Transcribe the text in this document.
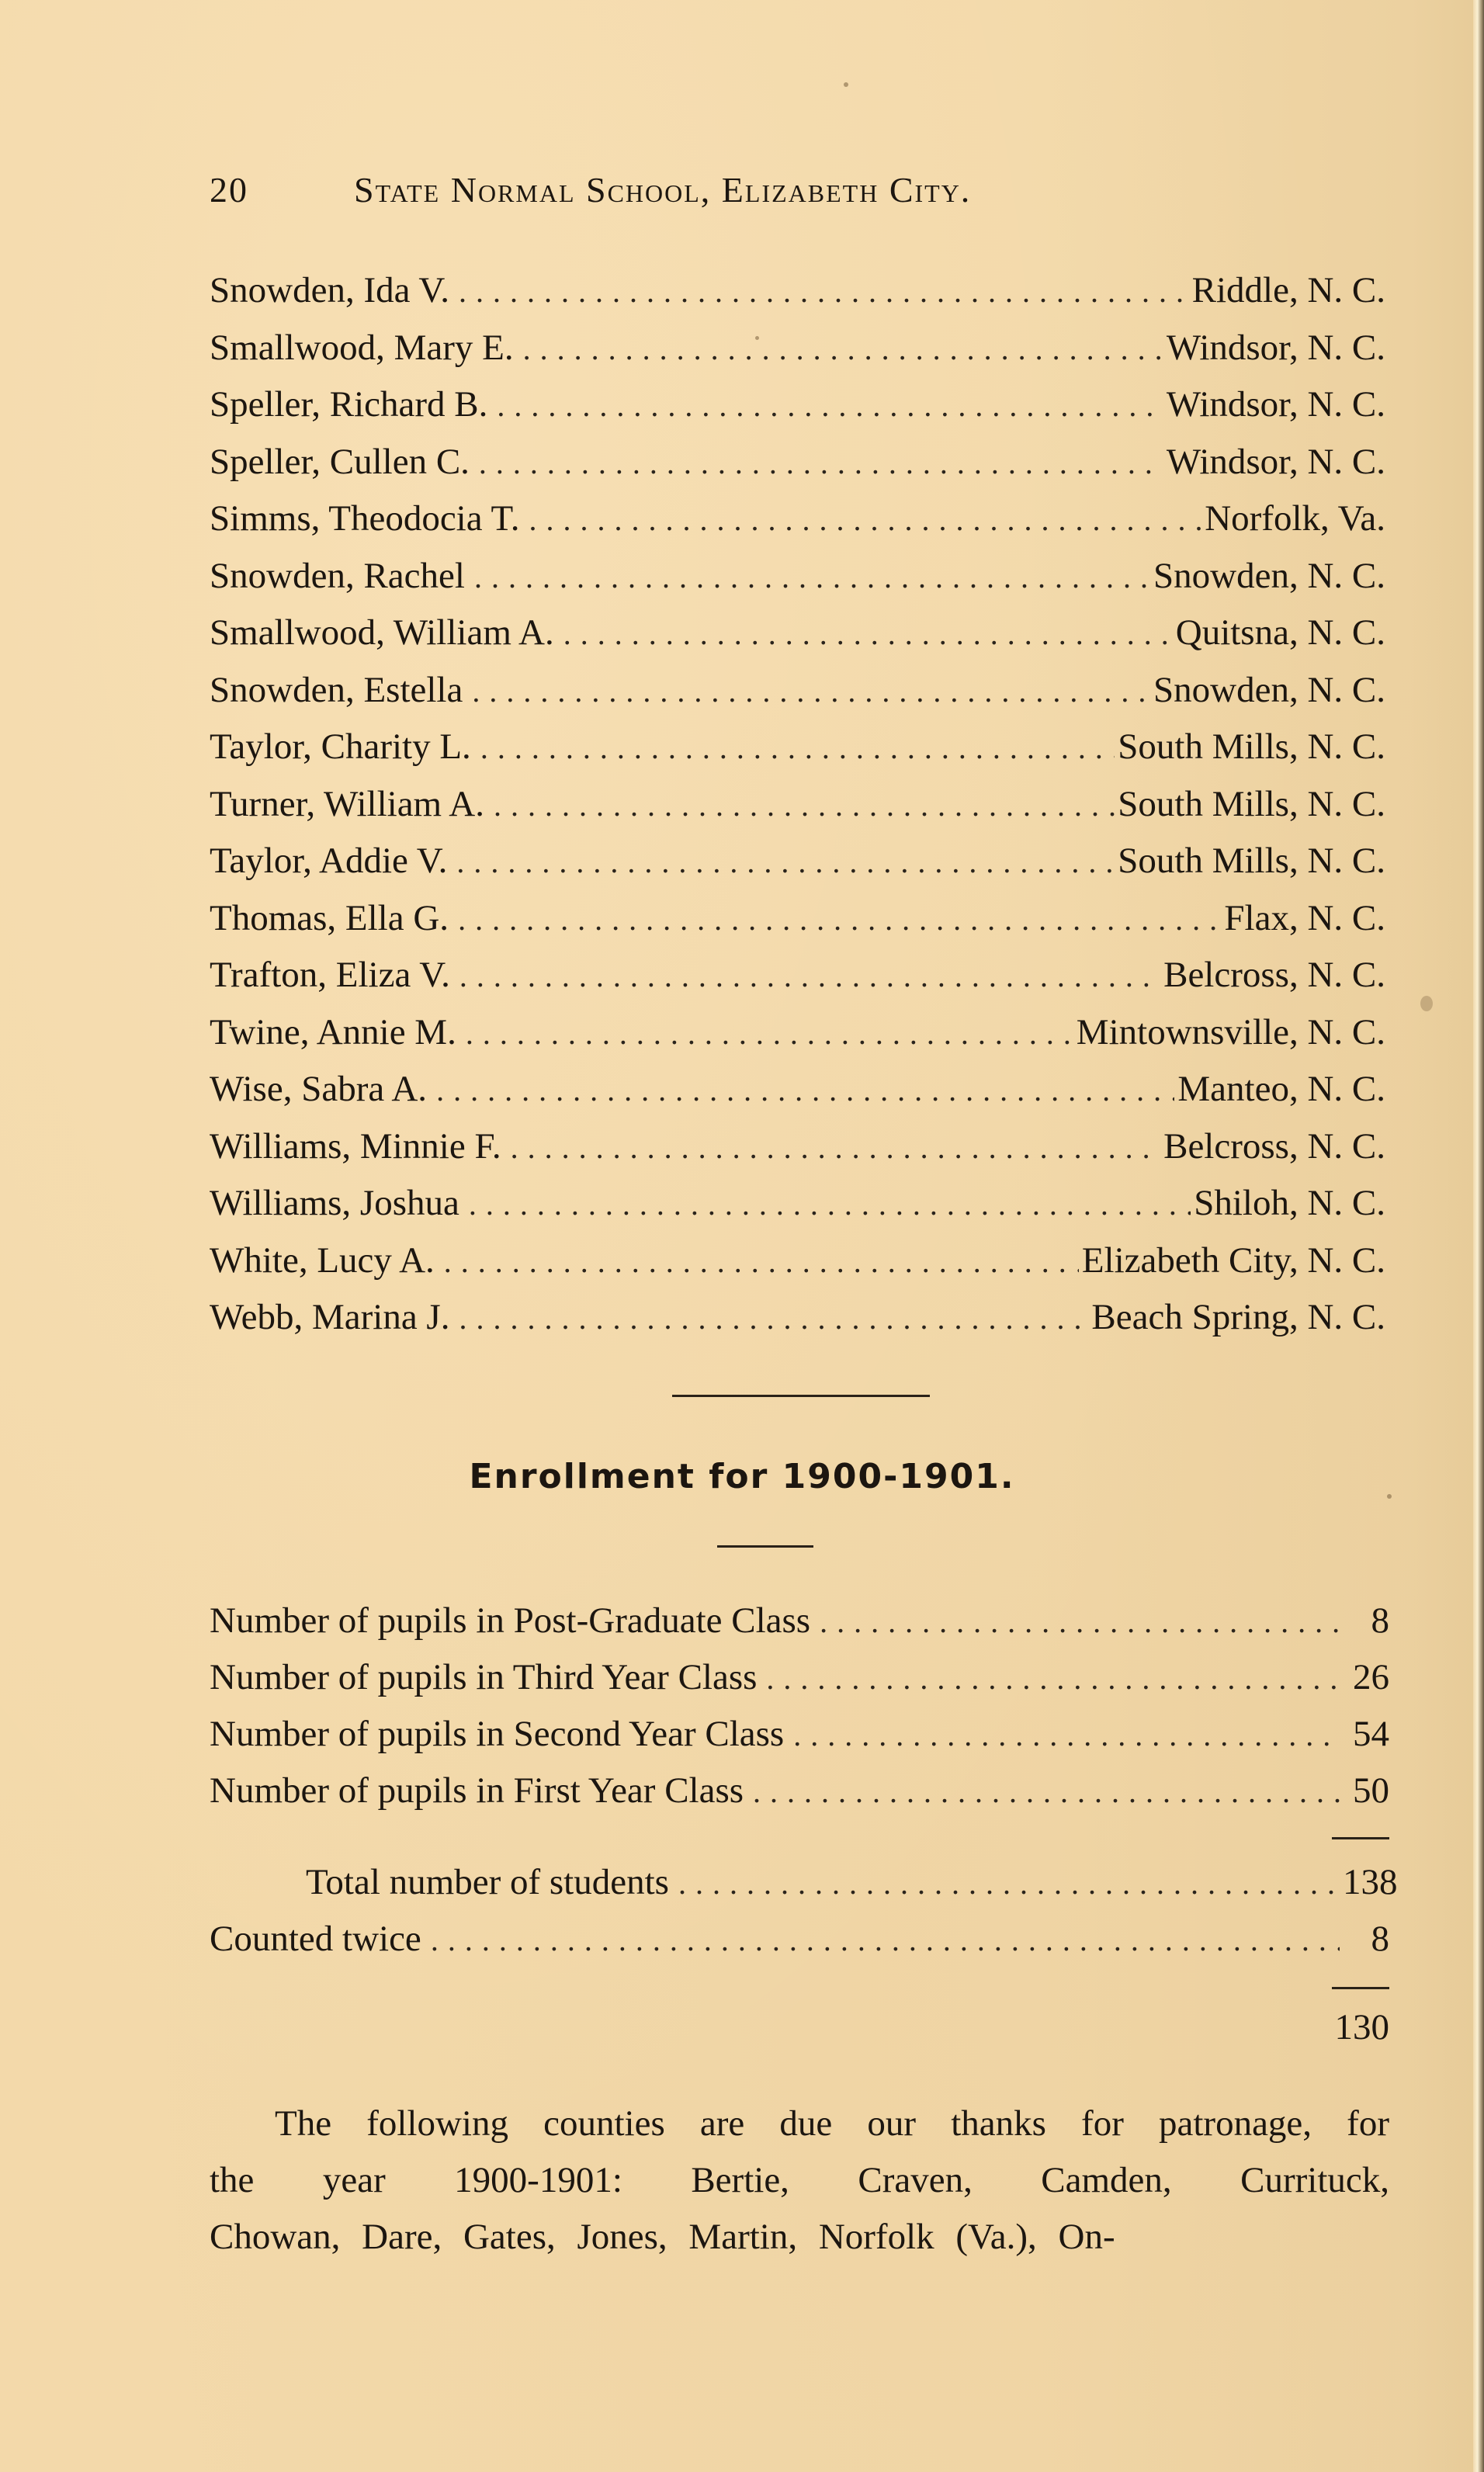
20	State Normal School, Elizabeth City.
Snowden, Ida V. . . .	Riddle, N. C.
Smallwood, Mary E. . . .	Windsor, N. C.
Speller, Richard B. . . .	Windsor, N. C.
Speller, Cullen C. . . .	Windsor, N. C.
Simms, Theodocia T. . . .	Norfolk, Va.
Snowden, Rachel . . .	Snowden, N. C.
Smallwood, William A. . . .	Quitsna, N. C.
Snowden, Estella . . .	Snowden, N. C.
Taylor, Charity L. . . .	South Mills, N. C.
Turner, William A. . . .	South Mills, N. C.
Taylor, Addie V. . . .	South Mills, N. C.
Thomas, Ella G. . . .	Flax, N. C.
Trafton, Eliza V. . . .	Belcross, N. C.
Twine, Annie M. . . .	Mintownsville, N. C.
Wise, Sabra A. . . .	Manteo, N. C.
Williams, Minnie F. . . .	Belcross, N. C.
Williams, Joshua . . .	Shiloh, N. C.
White, Lucy A. . . .	Elizabeth City, N. C.
Webb, Marina J. . . .	Beach Spring, N. C.
Enrollment for 1900-1901.
Number of pupils in Post-Graduate Class . . .	8
Number of pupils in Third Year Class . . .	26
Number of pupils in Second Year Class . . .	54
Number of pupils in First Year Class . . .	50
Total number of students . . .	138
Counted twice . . .	8
130
The following counties are due our thanks for patronage, for
the year 1900-1901: Bertie, Craven, Camden, Currituck,
Chowan, Dare, Gates, Jones, Martin, Norfolk (Va.), On-
